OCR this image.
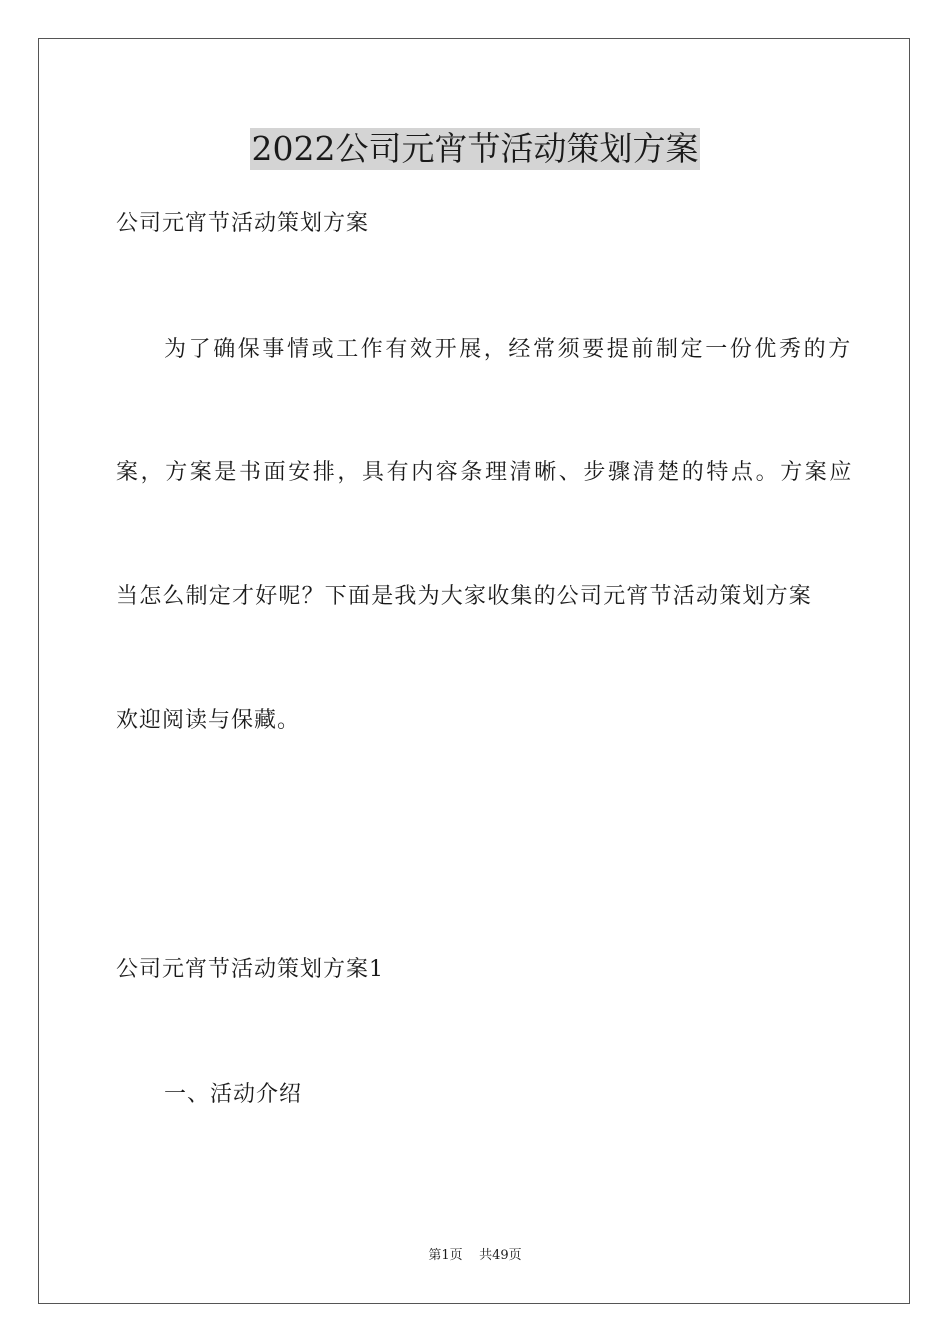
2022公司元宵节活动策划方案

公司元宵节活动策划方案

为了确保事情或工作有效开展，经常须要提前制定一份优秀的方

案，方案是书面安排，具有内容条理清晰、步骤清楚的特点。方案应

当怎么制定才好呢？下面是我为大家收集的公司元宵节活动策划方案

欢迎阅读与保藏。

公司元宵节活动策划方案1

一、活动介绍

第1页 共49页
